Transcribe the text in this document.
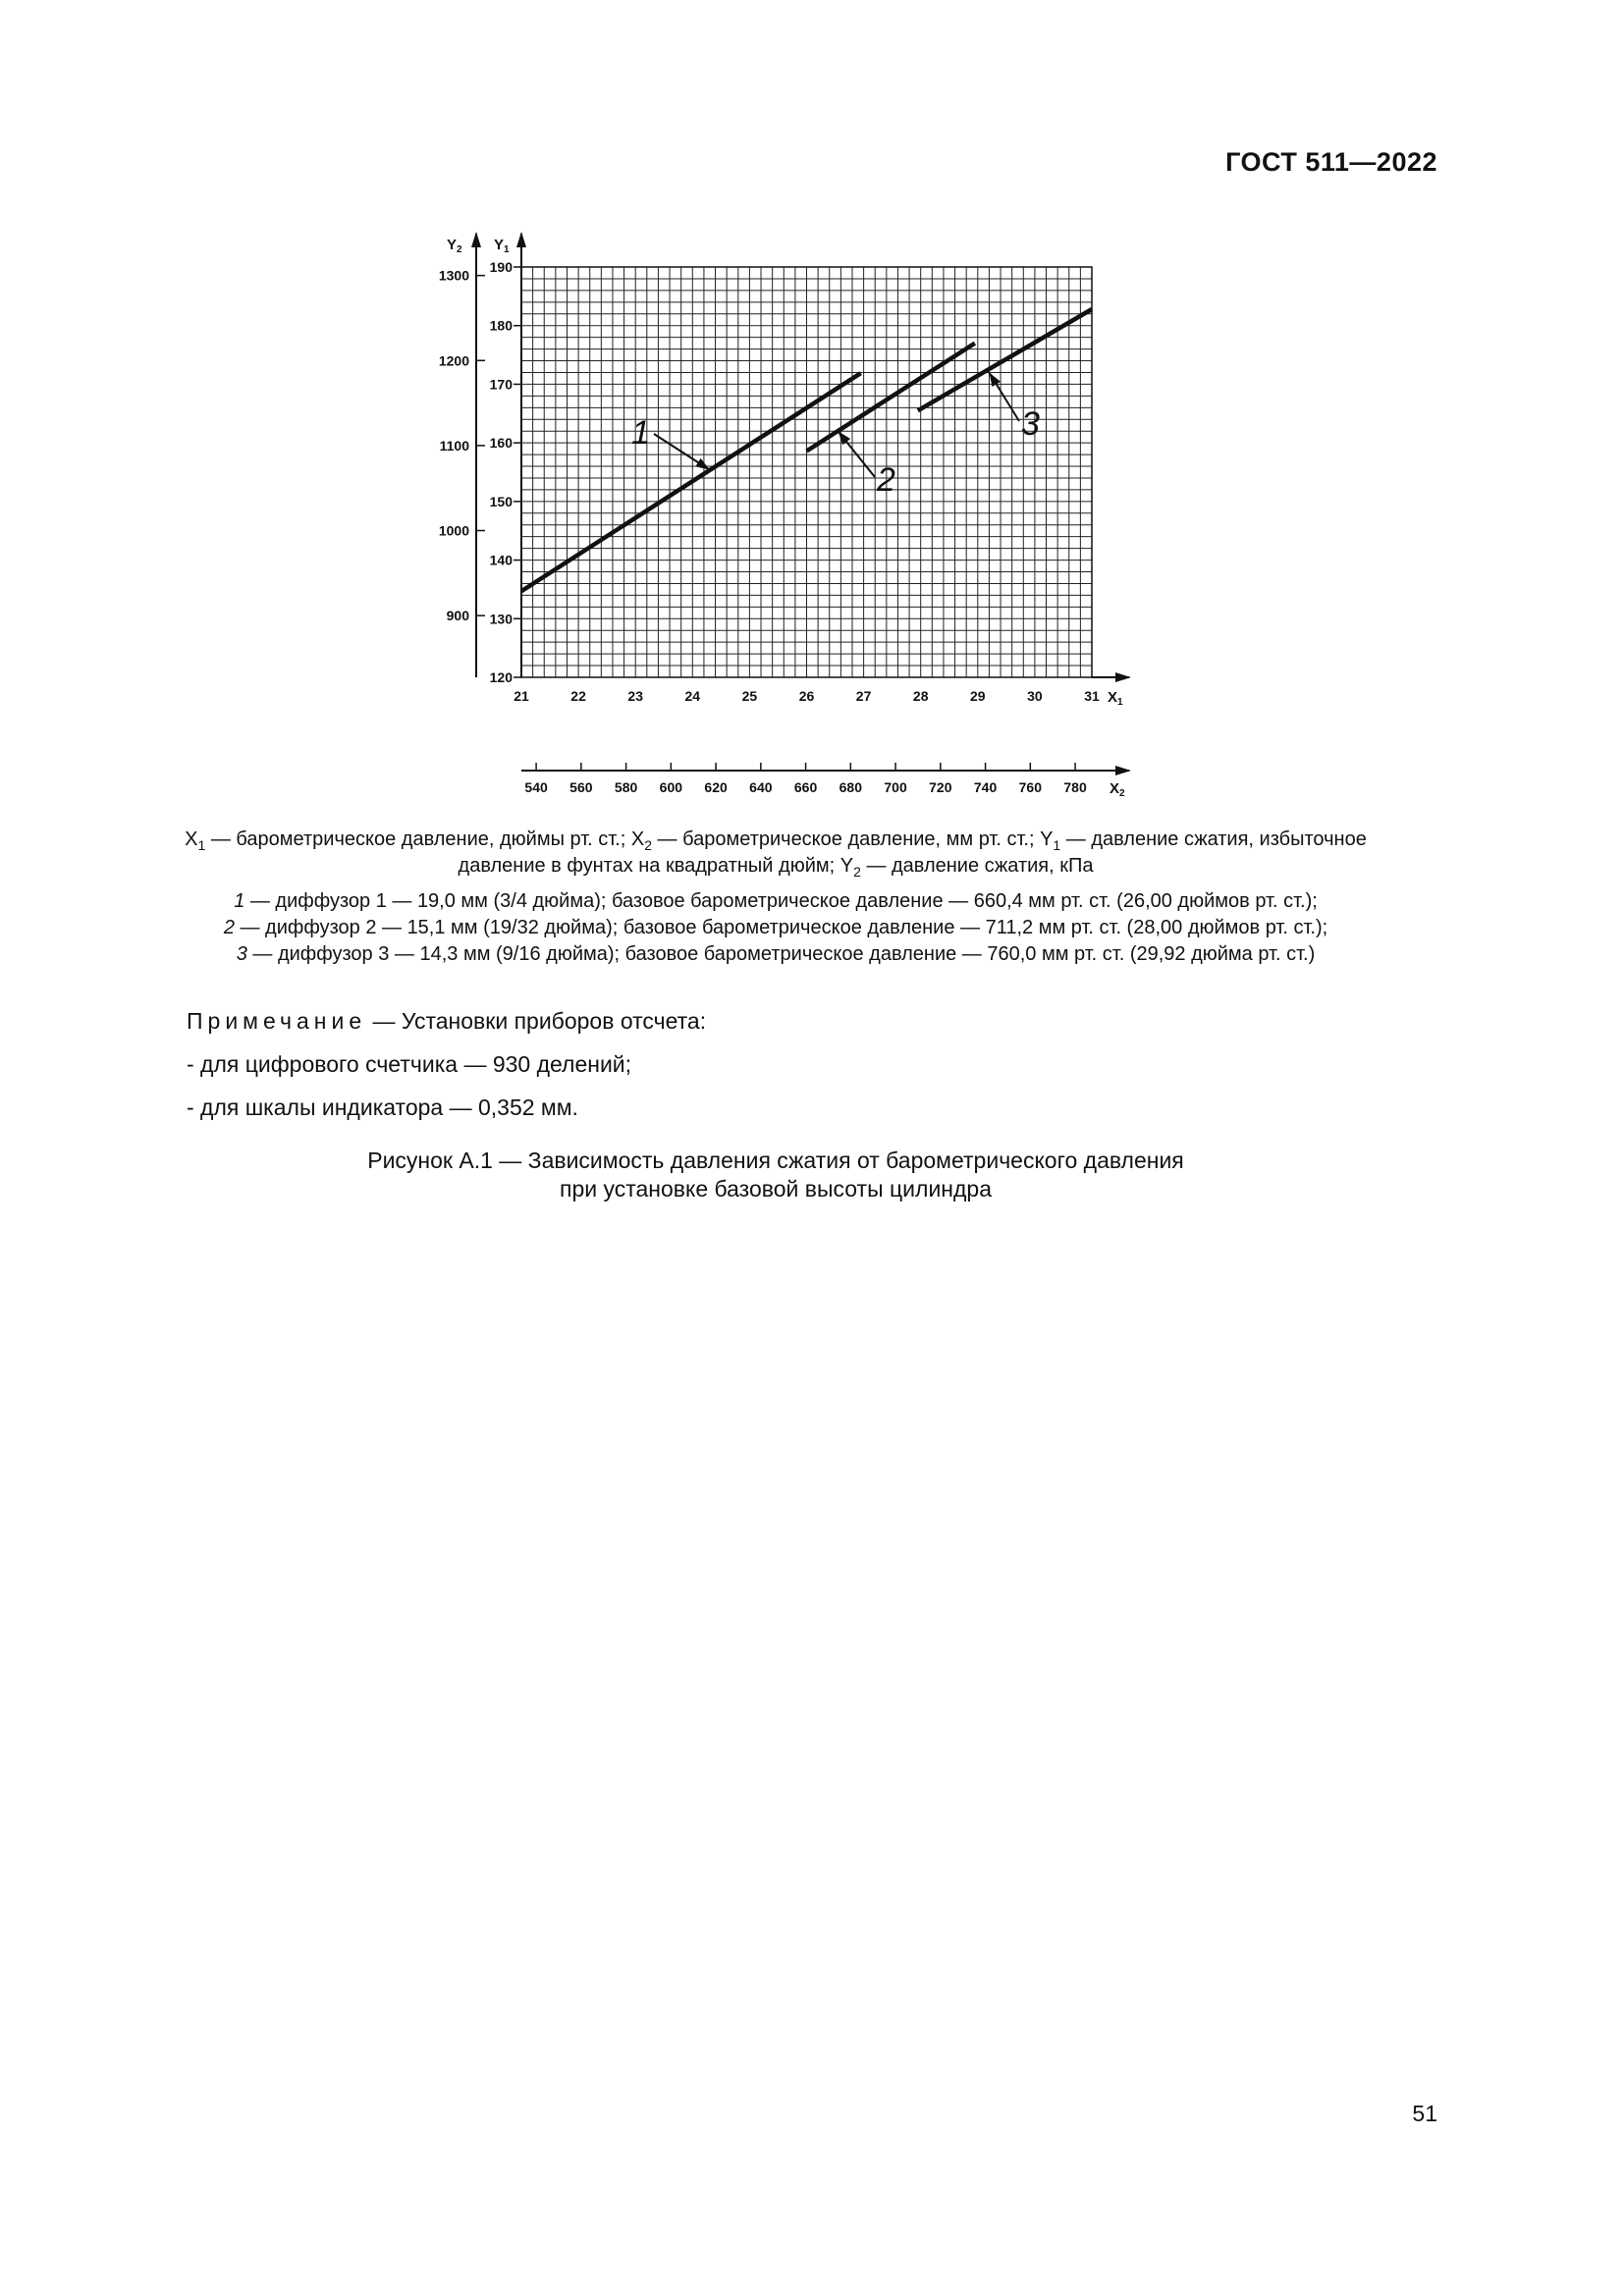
ГОСТ 511—2022
120
130
140
150
160
170
180
190
900
1000
1100
1200
1300
21	22	23	24	25	26	27	28	29	30	31
540 560 580 600 620 640 660 680 700 720 740 760 780
$Y_2$ $Y_1$
$X_1$
$X_2$
1
2
3
$X_1$ — барометрическое давление, дюймы рт. ст.; $X_2$ — барометрическое давление, мм рт. ст.; $Y_1$ — давление сжатия, избыточное
давление в фунтах на квадратный дюйм; $Y_2$ — давление сжатия, кПа
1 — диффузор 1 — 19,0 мм (3/4 дюйма); базовое барометрическое давление — 660,4 мм рт. ст. (26,00 дюймов рт. ст.);
2 — диффузор 2 — 15,1 мм (19/32 дюйма); базовое барометрическое давление — 711,2 мм рт. ст. (28,00 дюймов рт. ст.);
3 — диффузор 3 — 14,3 мм (9/16 дюйма); базовое барометрическое давление — 760,0 мм рт. ст. (29,92 дюйма рт. ст.)
Примечание — Установки приборов отсчета:
- для цифрового счетчика — 930 делений;
- для шкалы индикатора — 0,352 мм.
Рисунок А.1 — Зависимость давления сжатия от барометрического давления
при установке базовой высоты цилиндра
51
